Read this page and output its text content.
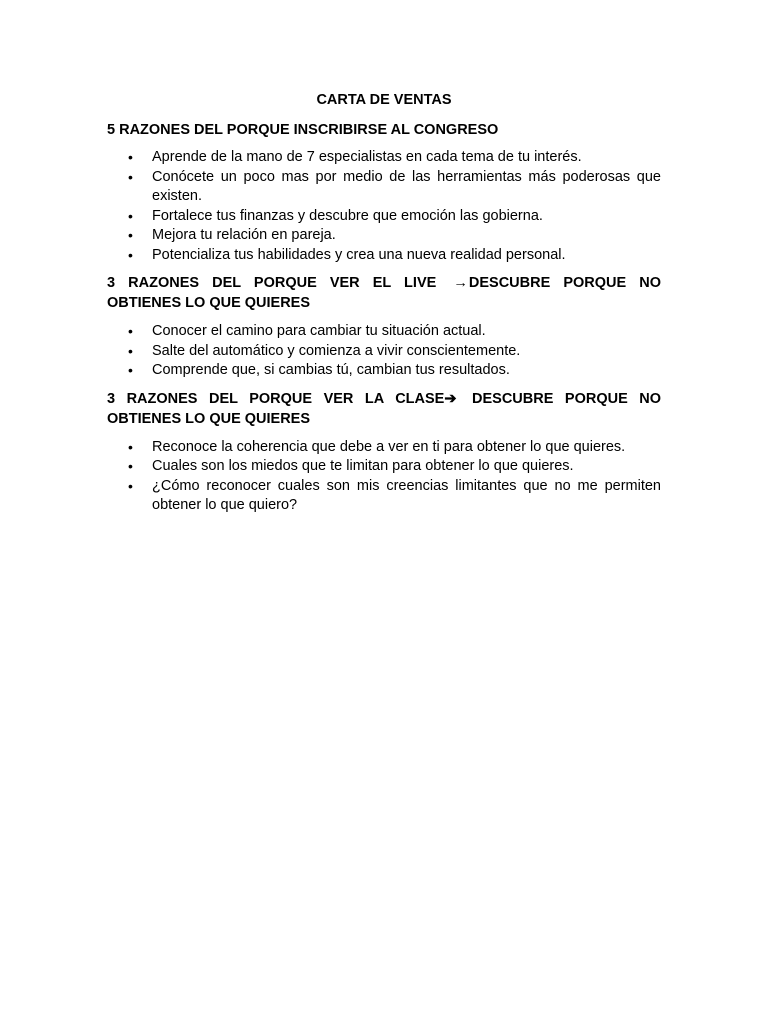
CARTA DE VENTAS
5 RAZONES DEL PORQUE INSCRIBIRSE AL CONGRESO
• Aprende de la mano de 7 especialistas en cada tema de tu interés.
• Conócete un poco mas por medio de las herramientas más poderosas que existen.
• Fortalece tus finanzas y descubre que emoción las gobierna.
• Mejora tu relación en pareja.
• Potencializa tus habilidades y crea una nueva realidad personal.
3 RAZONES DEL PORQUE VER EL LIVE →DESCUBRE PORQUE NO
OBTIENES LO QUE QUIERES
• Conocer el camino para cambiar tu situación actual.
• Salte del automático y comienza a vivir conscientemente.
• Comprende que, si cambias tú, cambian tus resultados.
3 RAZONES DEL PORQUE VER LA CLASE➔ DESCUBRE PORQUE NO
OBTIENES LO QUE QUIERES
• Reconoce la coherencia que debe a ver en ti para obtener lo que quieres.
• Cuales son los miedos que te limitan para obtener lo que quieres.
• ¿Cómo reconocer cuales son mis creencias limitantes que no me permiten obtener lo que quiero?
